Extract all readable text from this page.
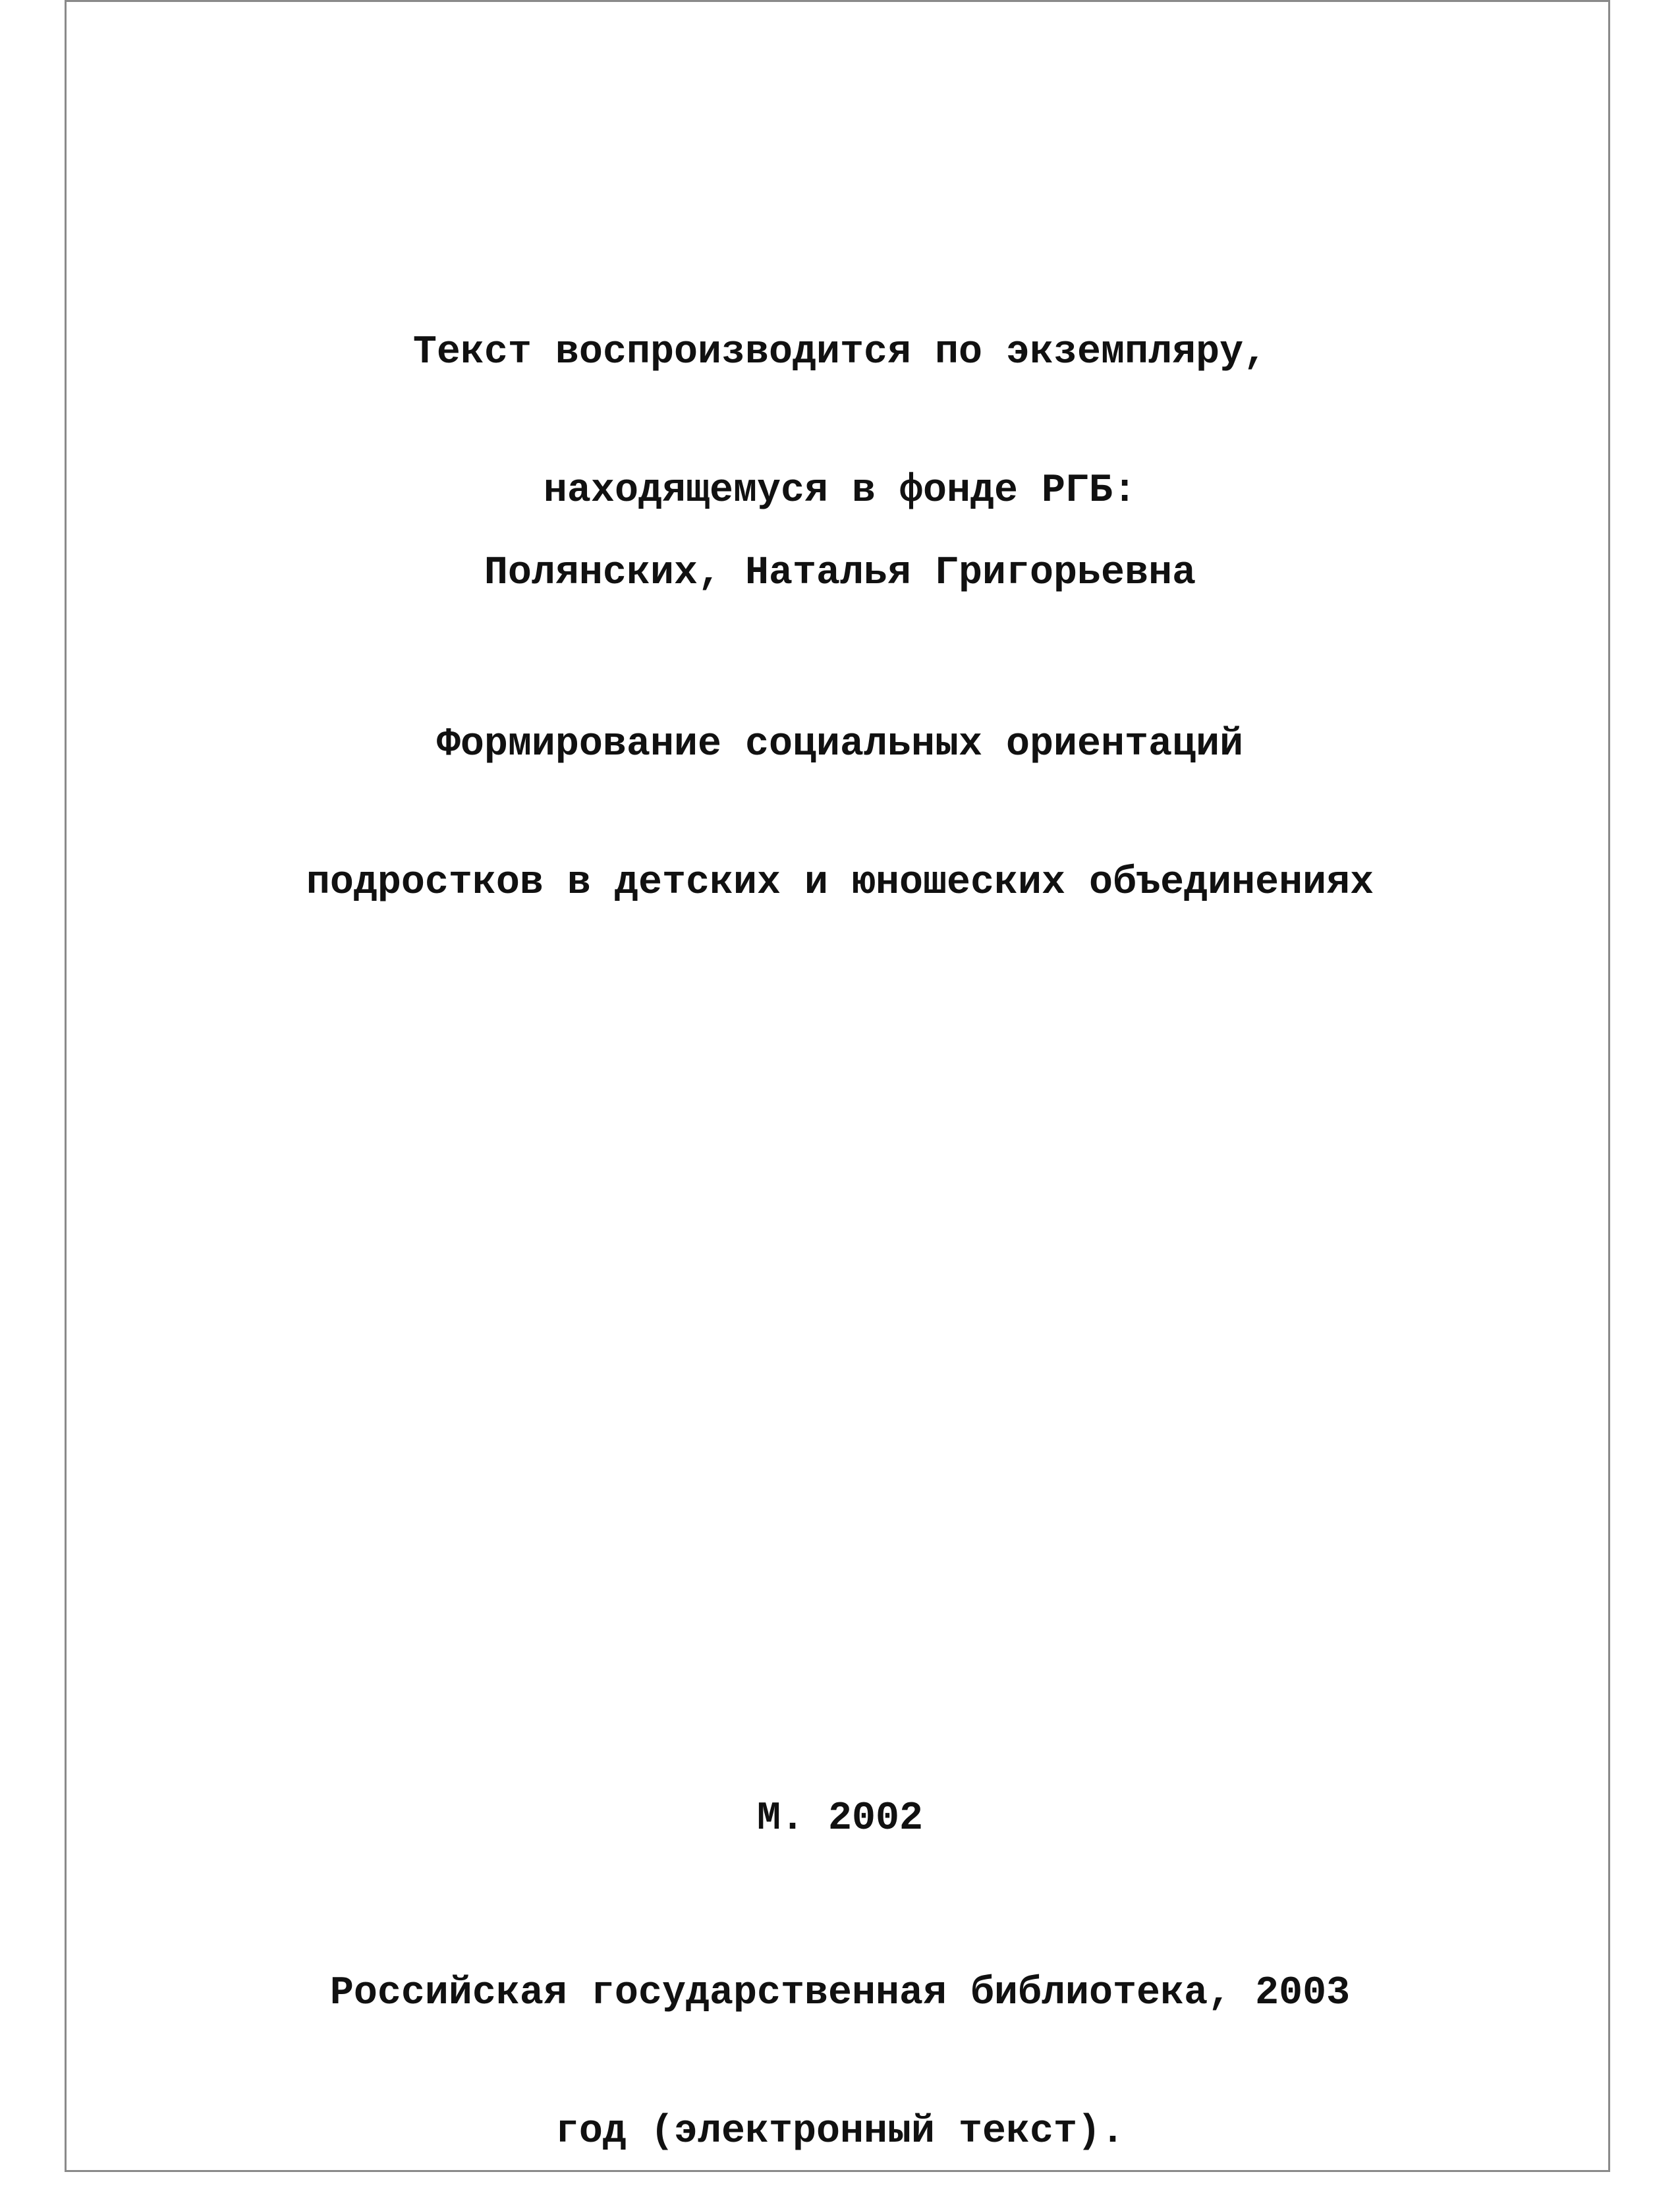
Текст воспроизводится по экземпляру,

находящемуся в фонде РГБ:

Полянских, Наталья Григорьевна

Формирование социальных ориентаций

подростков в детских и юношеских объединениях

М. 2002

Российская государственная библиотека, 2003

год (электронный текст).
